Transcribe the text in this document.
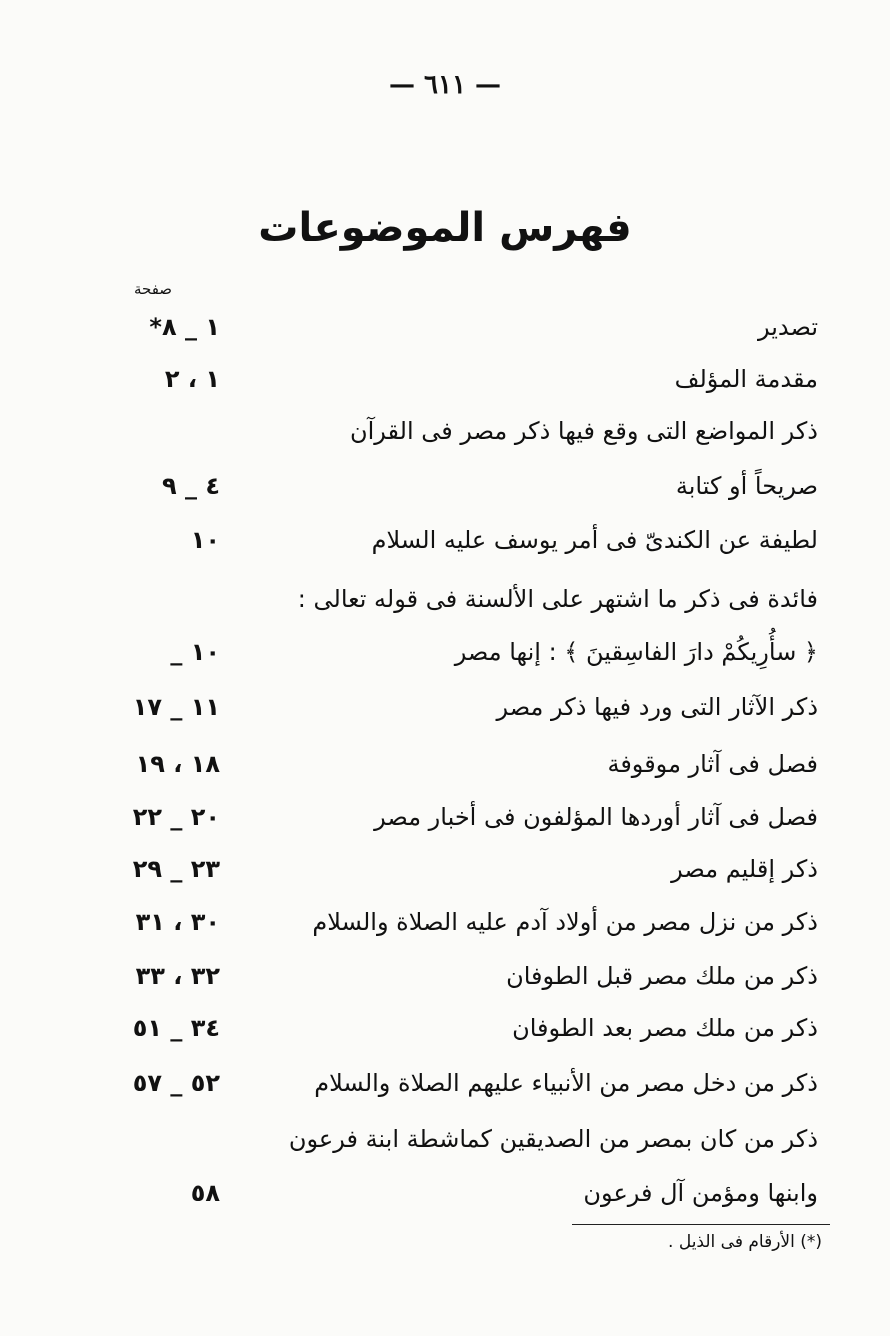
— ٦١١ —
فهرس الموضوعات
صفحة
تصدير
١ _ ٨*
مقدمة المؤلف
١ ، ٢
ذكر المواضع التى وقع فيها ذكر مصر فى القرآن
صريحاً أو كتابة
٤ _ ٩
لطيفة عن الكندىّ فى أمر يوسف عليه السلام
١٠
فائدة فى ذكر ما اشتهر على الألسنة فى قوله تعالى :
﴿ سأُرِيكُمْ دارَ الفاسِقينَ ﴾ : إنها مصر
١٠ _
ذكر الآثار التى ورد فيها ذكر مصر
١١ _ ١٧
فصل فى آثار موقوفة
١٨ ، ١٩
فصل فى آثار أوردها المؤلفون فى أخبار مصر
٢٠ _ ٢٢
ذكر إقليم مصر
٢٣ _ ٢٩
ذكر من نزل مصر من أولاد آدم عليه الصلاة والسلام
٣٠ ، ٣١
ذكر من ملك مصر قبل الطوفان
٣٢ ، ٣٣
ذكر من ملك مصر بعد الطوفان
٣٤ _ ٥١
ذكر من دخل مصر من الأنبياء عليهم الصلاة والسلام
٥٢ _ ٥٧
ذكر من كان بمصر من الصديقين كماشطة ابنة فرعون
وابنها ومؤمن آل فرعون
٥٨
(*) الأرقام فى الذيل .
